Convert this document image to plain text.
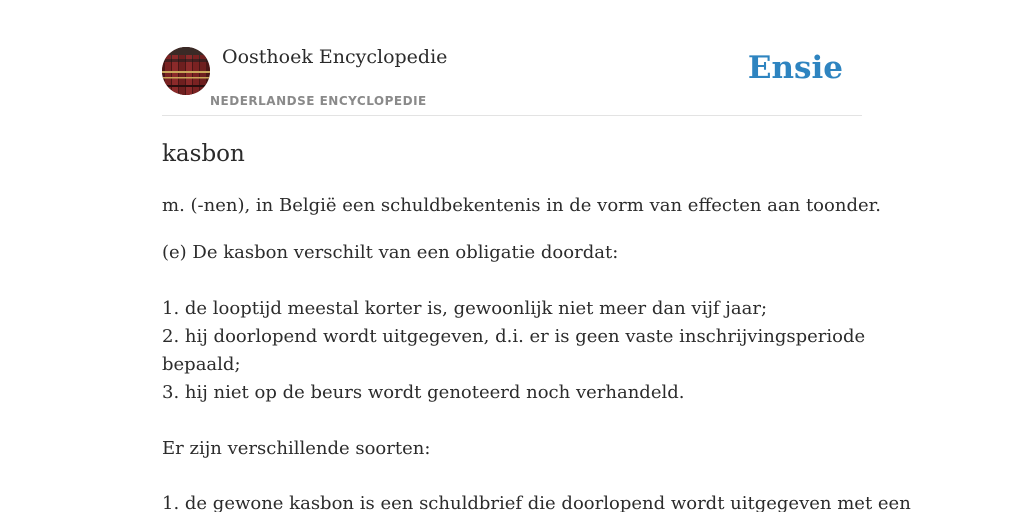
Oosthoek Encyclopedie
NEDERLANDSE ENCYCLOPEDIE
Ensie
kasbon

m. (-nen), in België een schuldbekentenis in de vorm van effecten aan toonder.

(e) De kasbon verschilt van een obligatie doordat:

1. de looptijd meestal korter is, gewoonlijk niet meer dan vijf jaar;

2. hij doorlopend wordt uitgegeven, d.i. er is geen vaste inschrijvingsperiode

bepaald;

3. hij niet op de beurs wordt genoteerd noch verhandeld.

Er zijn verschillende soorten:

1. de gewone kasbon is een schuldbrief die doorlopend wordt uitgegeven met een
